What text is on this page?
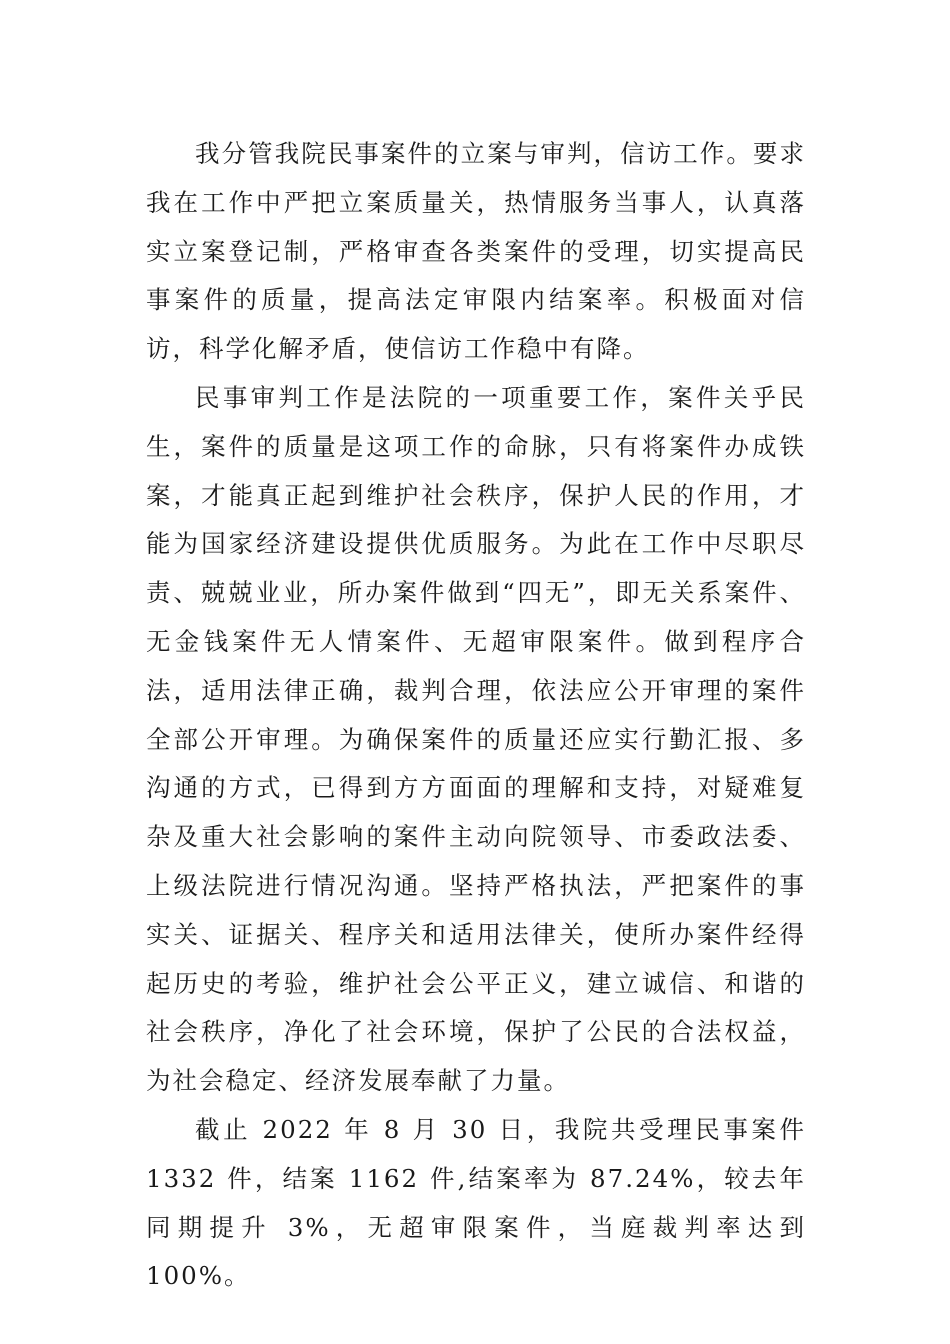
我分管我院民事案件的立案与审判，信访工作。要求我在工作中严把立案质量关，热情服务当事人，认真落实立案登记制，严格审查各类案件的受理，切实提高民事案件的质量，提高法定审限内结案率。积极面对信访，科学化解矛盾，使信访工作稳中有降。

民事审判工作是法院的一项重要工作，案件关乎民生，案件的质量是这项工作的命脉，只有将案件办成铁案，才能真正起到维护社会秩序，保护人民的作用，才能为国家经济建设提供优质服务。为此在工作中尽职尽责、兢兢业业，所办案件做到“四无”，即无关系案件、无金钱案件无人情案件、无超审限案件。做到程序合法，适用法律正确，裁判合理，依法应公开审理的案件全部公开审理。为确保案件的质量还应实行勤汇报、多沟通的方式，已得到方方面面的理解和支持，对疑难复杂及重大社会影响的案件主动向院领导、市委政法委、上级法院进行情况沟通。坚持严格执法，严把案件的事实关、证据关、程序关和适用法律关，使所办案件经得起历史的考验，维护社会公平正义，建立诚信、和谐的社会秩序，净化了社会环境，保护了公民的合法权益，为社会稳定、经济发展奉献了力量。

截止 2022 年 8 月 30 日，我院共受理民事案件 1332 件，结案 1162 件,结案率为 87.24%，较去年同期提升 3%，无超审限案件，当庭裁判率达到 100%。
